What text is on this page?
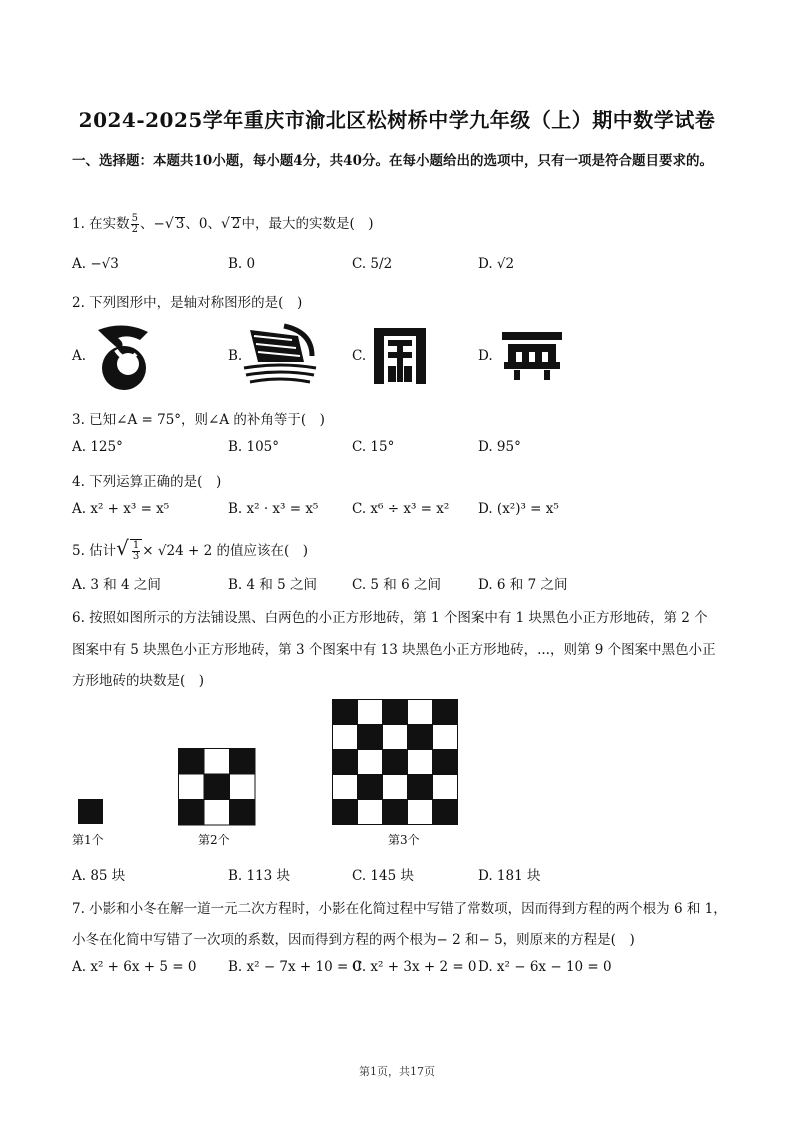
2024-2025学年重庆市渝北区松树桥中学九年级（上）期中数学试卷
一、选择题：本题共10小题，每小题4分，共40分。在每小题给出的选项中，只有一项是符合题目要求的。
1. 在实数 $\frac{5}{2}$ 、−√ 3、0、√ 2中，最大的实数是(　)
A. −√3	B. 0	C. 5/2	D. √2
2. 下列图形中，是轴对称图形的是(　)
A.	B.	C.	D.
3. 已知∠A = 75°，则∠A 的补角等于(　)
A. 125°	B. 105°	C. 15°	D. 95°
4. 下列运算正确的是(　)
A. x² + x³ = x⁵	B. x² · x³ = x⁵ C. x⁶ ÷ x³ = x² D. (x²)³ = x⁵
5. 估计√ $\frac{1}{3} \times √24 + 2$ 的值应该在(　)
A. 3 和 4 之间	B. 4 和 5 之间	C. 5 和 6 之间	D. 6 和 7 之间
6. 按照如图所示的方法铺设黑、白两色的小正方形地砖，第 1 个图案中有 1 块黑色小正方形地砖，第 2 个
图案中有 5 块黑色小正方形地砖，第 3 个图案中有 13 块黑色小正方形地砖，...，则第 9 个图案中黑色小正
方形地砖的块数是(　)
第1个	第2个	第3个
A. 85 块	B. 113 块	C. 145 块	D. 181 块
7. 小影和小冬在解一道一元二次方程时，小影在化简过程中写错了常数项，因而得到方程的两个根为 6 和 1，
小冬在化简中写错了一次项的系数，因而得到方程的两个根为− 2 和− 5，则原来的方程是(　)
A. x² + 6x + 5 = 0 B. x² − 7x + 10 = 0
C. x² + 3x + 2 = 0 D. x² − 6x − 10 = 0
第1页，共17页
